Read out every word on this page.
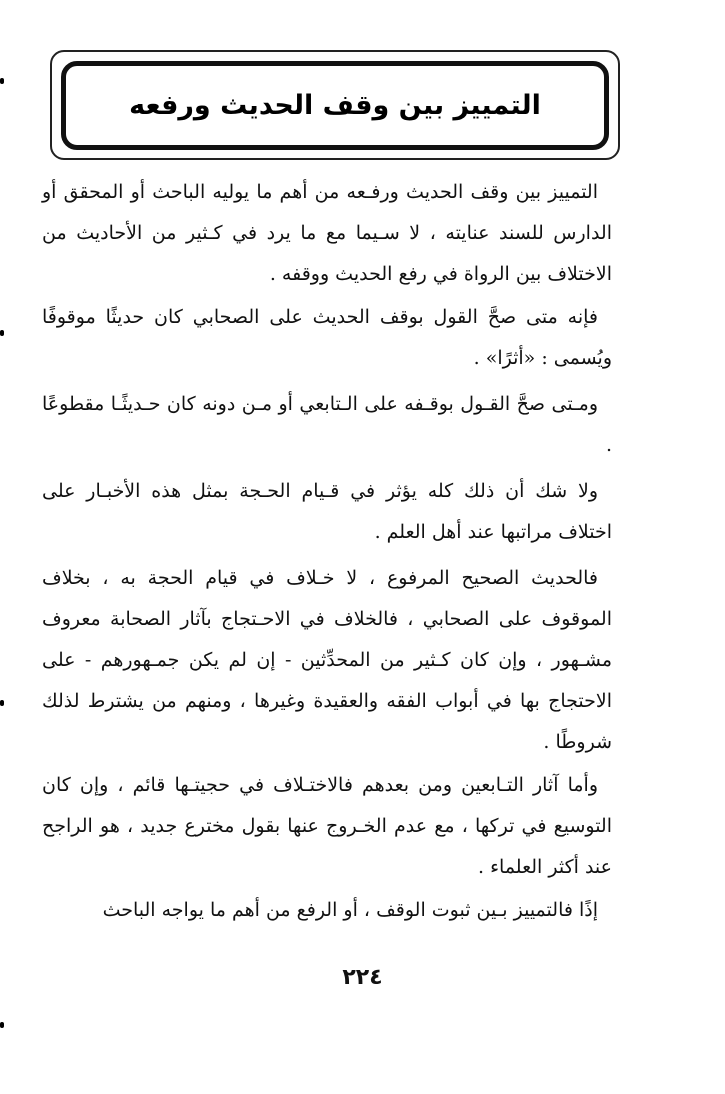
التمييز بين وقف الحديث ورفعه

التمييز بين وقف الحديث ورفـعه من أهم ما يوليه الباحث أو المحقق أو الدارس للسند عنايته ، لا سـيما مع ما يرد في كـثير من الأحاديث من الاختلاف بين الرواة في رفع الحديث ووقفه .

فإنه متى صحَّ القول بوقف الحديث على الصحابي كان حديثًا موقوفًا ويُسمى : «أثرًا» .

ومـتى صحَّ القـول بوقـفه على الـتابعي أو مـن دونه كان حـديثًـا مقطوعًا .

ولا شك أن ذلك كله يؤثر في قـيام الحـجة بمثل هذه الأخبـار على اختلاف مراتبها عند أهل العلم .

فالحديث الصحيح المرفوع ، لا خـلاف في قيام الحجة به ، بخلاف الموقوف على الصحابي ، فالخلاف في الاحـتجاج بآثار الصحابة معروف مشـهور ، وإن كان كـثير من المحدِّثين - إن لم يكن جمـهورهم - على الاحتجاج بها في أبواب الفقه والعقيدة وغيرها ، ومنهم من يشترط لذلك شروطًا .

وأما آثار التـابعين ومن بعدهم فالاختـلاف في حجيتـها قائم ، وإن كان التوسيع في تركها ، مع عدم الخـروج عنها بقول مخترع جديد ، هو الراجح عند أكثر العلماء .

إذًا فالتمييز بـين ثبوت الوقف ، أو الرفع من أهم ما يواجه الباحث

٢٢٤
